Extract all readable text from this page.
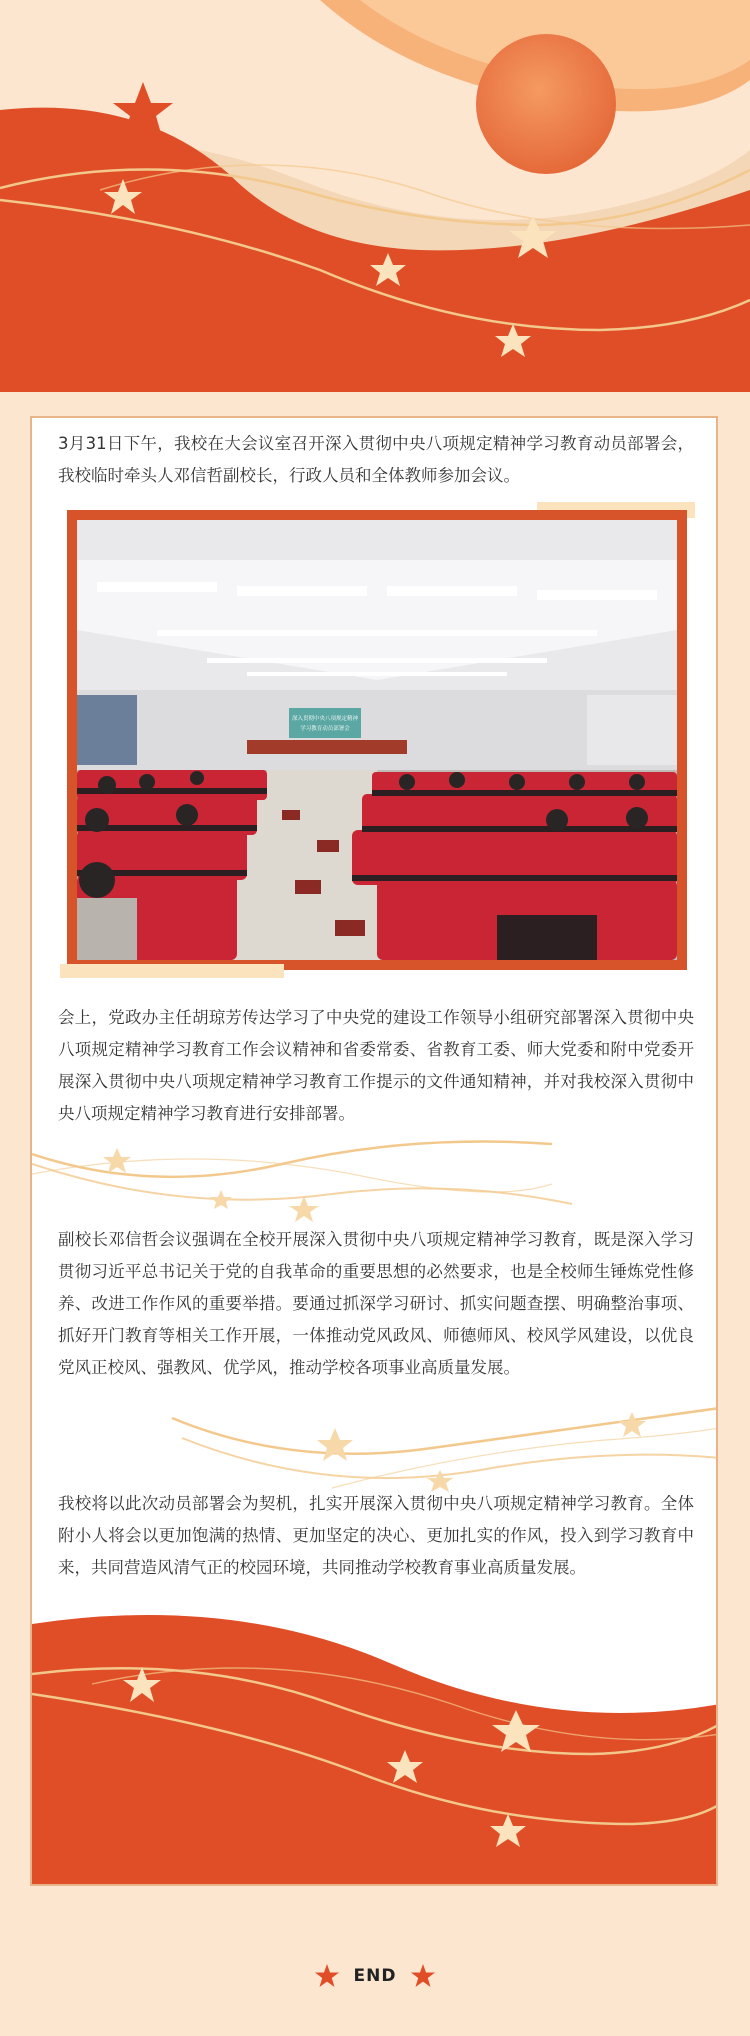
3月31日下午，我校在大会议室召开深入贯彻中央八项规定精神学习教育动员部署会，我校临时牵头人邓信哲副校长，行政人员和全体教师参加会议。

深入贯彻中央八项规定精神
学习教育动员部署会

会上，党政办主任胡琼芳传达学习了中央党的建设工作领导小组研究部署深入贯彻中央八项规定精神学习教育工作会议精神和省委常委、省教育工委、师大党委和附中党委开展深入贯彻中央八项规定精神学习教育工作提示的文件通知精神，并对我校深入贯彻中央八项规定精神学习教育进行安排部署。

副校长邓信哲会议强调在全校开展深入贯彻中央八项规定精神学习教育，既是深入学习贯彻习近平总书记关于党的自我革命的重要思想的必然要求，也是全校师生锤炼党性修养、改进工作作风的重要举措。要通过抓深学习研讨、抓实问题查摆、明确整治事项、抓好开门教育等相关工作开展，一体推动党风政风、师德师风、校风学风建设，以优良党风正校风、强教风、优学风，推动学校各项事业高质量发展。

我校将以此次动员部署会为契机，扎实开展深入贯彻中央八项规定精神学习教育。全体附小人将会以更加饱满的热情、更加坚定的决心、更加扎实的作风，投入到学习教育中来，共同营造风清气正的校园环境，共同推动学校教育事业高质量发展。

END
